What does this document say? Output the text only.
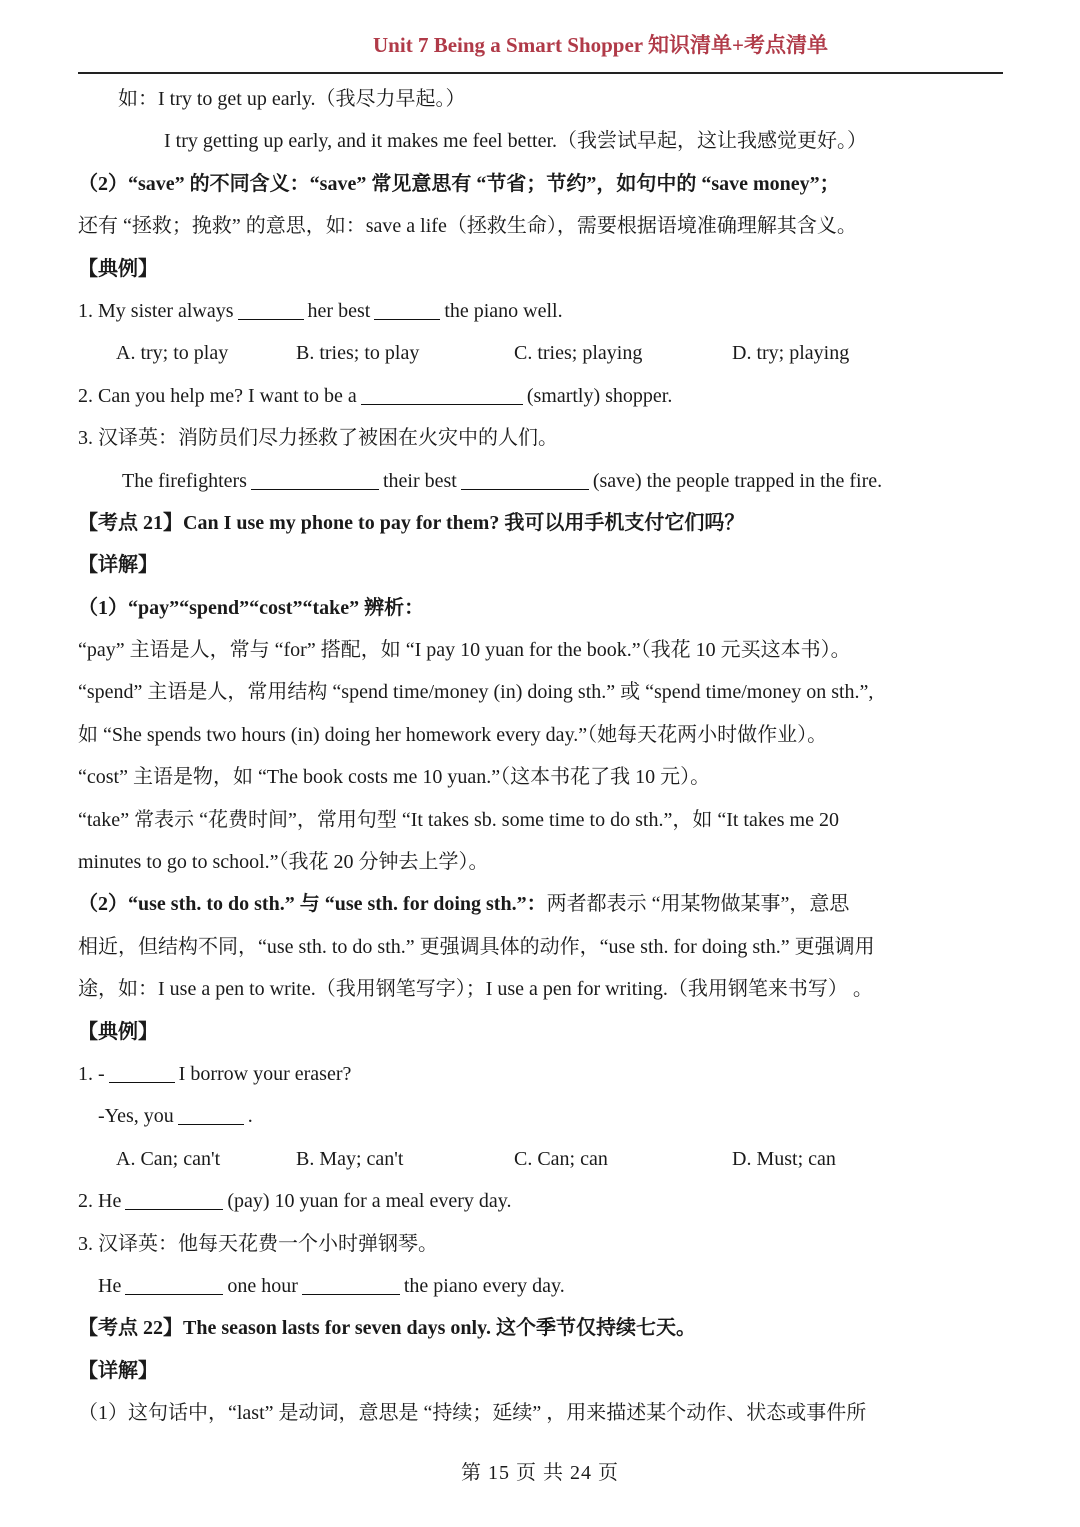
Unit 7 Being a Smart Shopper 知识清单+考点清单
如：I try to get up early.（我尽力早起。）
I try getting up early, and it makes me feel better.（我尝试早起，这让我感觉更好。）
（2）“save” 的不同含义：“save” 常见意思有 “节省；节约”，如句中的 “save money”；
还有 “拯救；挽救” 的意思，如：save a life（拯救生命），需要根据语境准确理解其含义。
【典例】
1. My sister always	her best	the piano well.
A. try; to play	B. tries; to play	C. tries; playing	D. try; playing
2. Can you help me? I want to be a	(smartly) shopper.
3. 汉译英：消防员们尽力拯救了被困在火灾中的人们。
The firefighters	their best	(save) the people trapped in the fire.
【考点 21】Can I use my phone to pay for them? 我可以用手机支付它们吗？
【详解】
（1）“pay”“spend”“cost”“take” 辨析：
“pay” 主语是人，常与 “for” 搭配，如 “I pay 10 yuan for the book.”（我花 10 元买这本书）。
“spend” 主语是人，常用结构 “spend time/money (in) doing sth.” 或 “spend time/money on sth.”,
如 “She spends two hours (in) doing her homework every day.”（她每天花两小时做作业）。
“cost” 主语是物，如 “The book costs me 10 yuan.”（这本书花了我 10 元）。
“take” 常表示 “花费时间”，常用句型 “It takes sb. some time to do sth.”，如 “It takes me 20
minutes to go to school.”（我花 20 分钟去上学）。
（2）“use sth. to do sth.” 与 “use sth. for doing sth.”：两者都表示 “用某物做某事”，意思
相近，但结构不同，“use sth. to do sth.” 更强调具体的动作，“use sth. for doing sth.” 更强调用
途，如：I use a pen to write.（我用钢笔写字）；I use a pen for writing.（我用钢笔来书写） 。
【典例】
1. -	I borrow your eraser?
-Yes, you	.
A. Can; can't	B. May; can't	C. Can; can	D. Must; can
2. He	(pay) 10 yuan for a meal every day.
3. 汉译英：他每天花费一个小时弹钢琴。
He	one hour	the piano every day.
【考点 22】The season lasts for seven days only. 这个季节仅持续七天。
【详解】
（1）这句话中，“last” 是动词，意思是 “持续；延续” ，用来描述某个动作、状态或事件所
第 15 页 共 24 页
